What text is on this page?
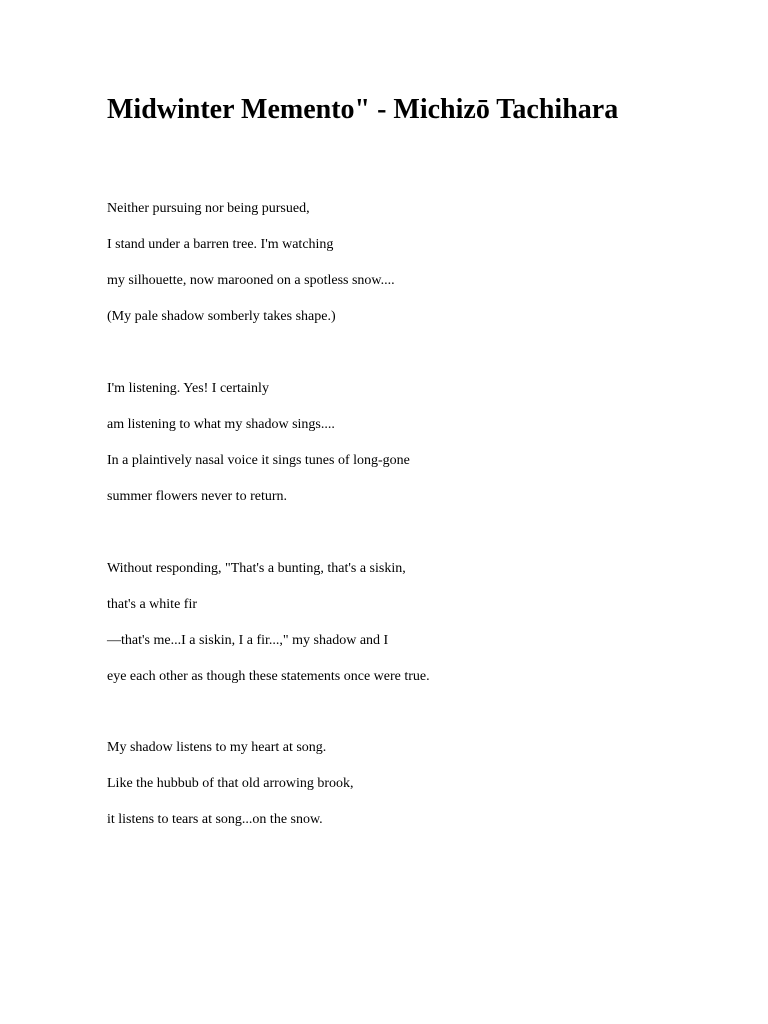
Midwinter Memento" - Michizō Tachihara

Neither pursuing nor being pursued,

I stand under a barren tree. I'm watching

my silhouette, now marooned on a spotless snow....

(My pale shadow somberly takes shape.)

I'm listening. Yes! I certainly

am listening to what my shadow sings....

In a plaintively nasal voice it sings tunes of long-gone

summer flowers never to return.

Without responding, "That's a bunting, that's a siskin,

that's a white fir

—that's me...I a siskin, I a fir...," my shadow and I

eye each other as though these statements once were true.

My shadow listens to my heart at song.

Like the hubbub of that old arrowing brook,

it listens to tears at song...on the snow.
